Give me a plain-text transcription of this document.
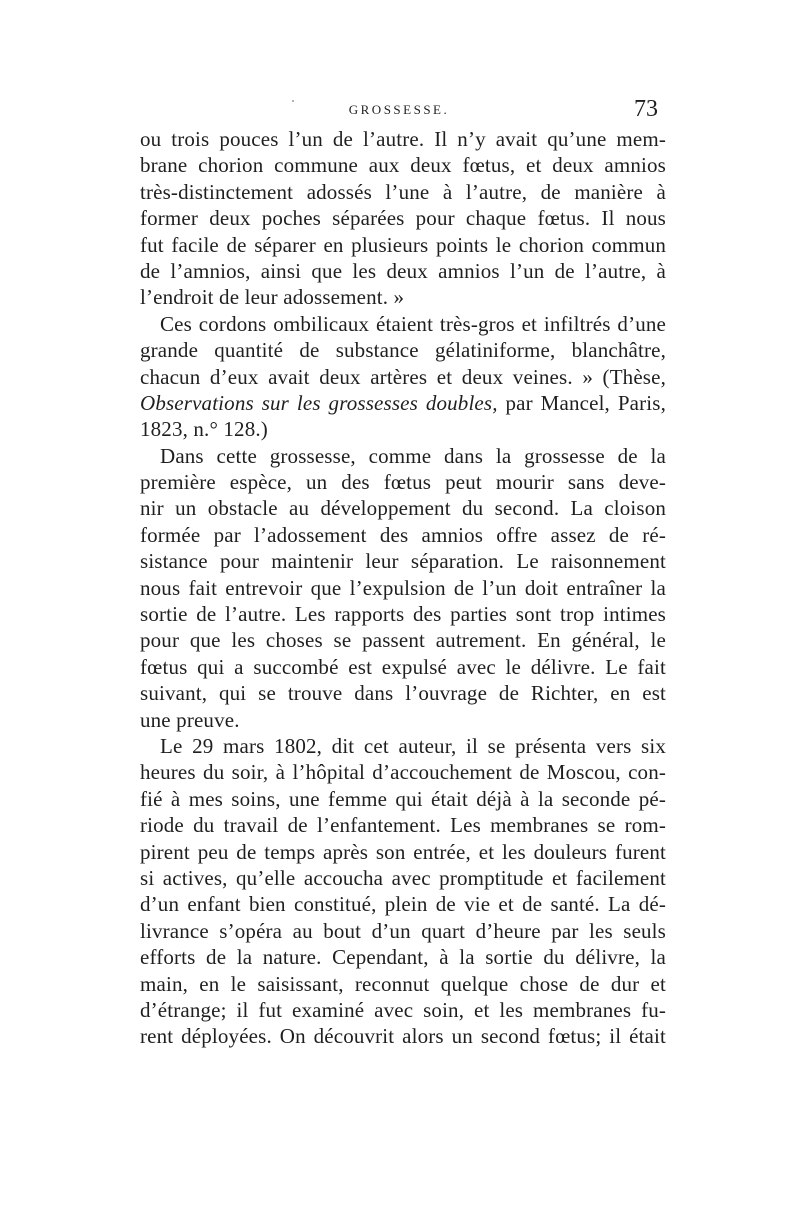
GROSSESSE.	73
ou trois pouces l’un de l’autre. Il n’y avait qu’une mem-
brane chorion commune aux deux fœtus, et deux amnios
très-distinctement adossés l’une à l’autre, de manière à
former deux poches séparées pour chaque fœtus. Il nous
fut facile de séparer en plusieurs points le chorion commun
de l’amnios, ainsi que les deux amnios l’un de l’autre, à
l’endroit de leur adossement. »
Ces cordons ombilicaux étaient très-gros et infiltrés d’une
grande quantité de substance gélatiniforme, blanchâtre,
chacun d’eux avait deux artères et deux veines. » (Thèse,
Observations sur les grossesses doubles, par Mancel, Paris,
1823, n.° 128.)
Dans cette grossesse, comme dans la grossesse de la
première espèce, un des fœtus peut mourir sans deve-
nir un obstacle au développement du second. La cloison
formée par l’adossement des amnios offre assez de ré-
sistance pour maintenir leur séparation. Le raisonnement
nous fait entrevoir que l’expulsion de l’un doit entraîner la
sortie de l’autre. Les rapports des parties sont trop intimes
pour que les choses se passent autrement. En général, le
fœtus qui a succombé est expulsé avec le délivre. Le fait
suivant, qui se trouve dans l’ouvrage de Richter, en est
une preuve.
Le 29 mars 1802, dit cet auteur, il se présenta vers six
heures du soir, à l’hôpital d’accouchement de Moscou, con-
fié à mes soins, une femme qui était déjà à la seconde pé-
riode du travail de l’enfantement. Les membranes se rom-
pirent peu de temps après son entrée, et les douleurs furent
si actives, qu’elle accoucha avec promptitude et facilement
d’un enfant bien constitué, plein de vie et de santé. La dé-
livrance s’opéra au bout d’un quart d’heure par les seuls
efforts de la nature. Cependant, à la sortie du délivre, la
main, en le saisissant, reconnut quelque chose de dur et
d’étrange; il fut examiné avec soin, et les membranes fu-
rent déployées. On découvrit alors un second fœtus; il était
